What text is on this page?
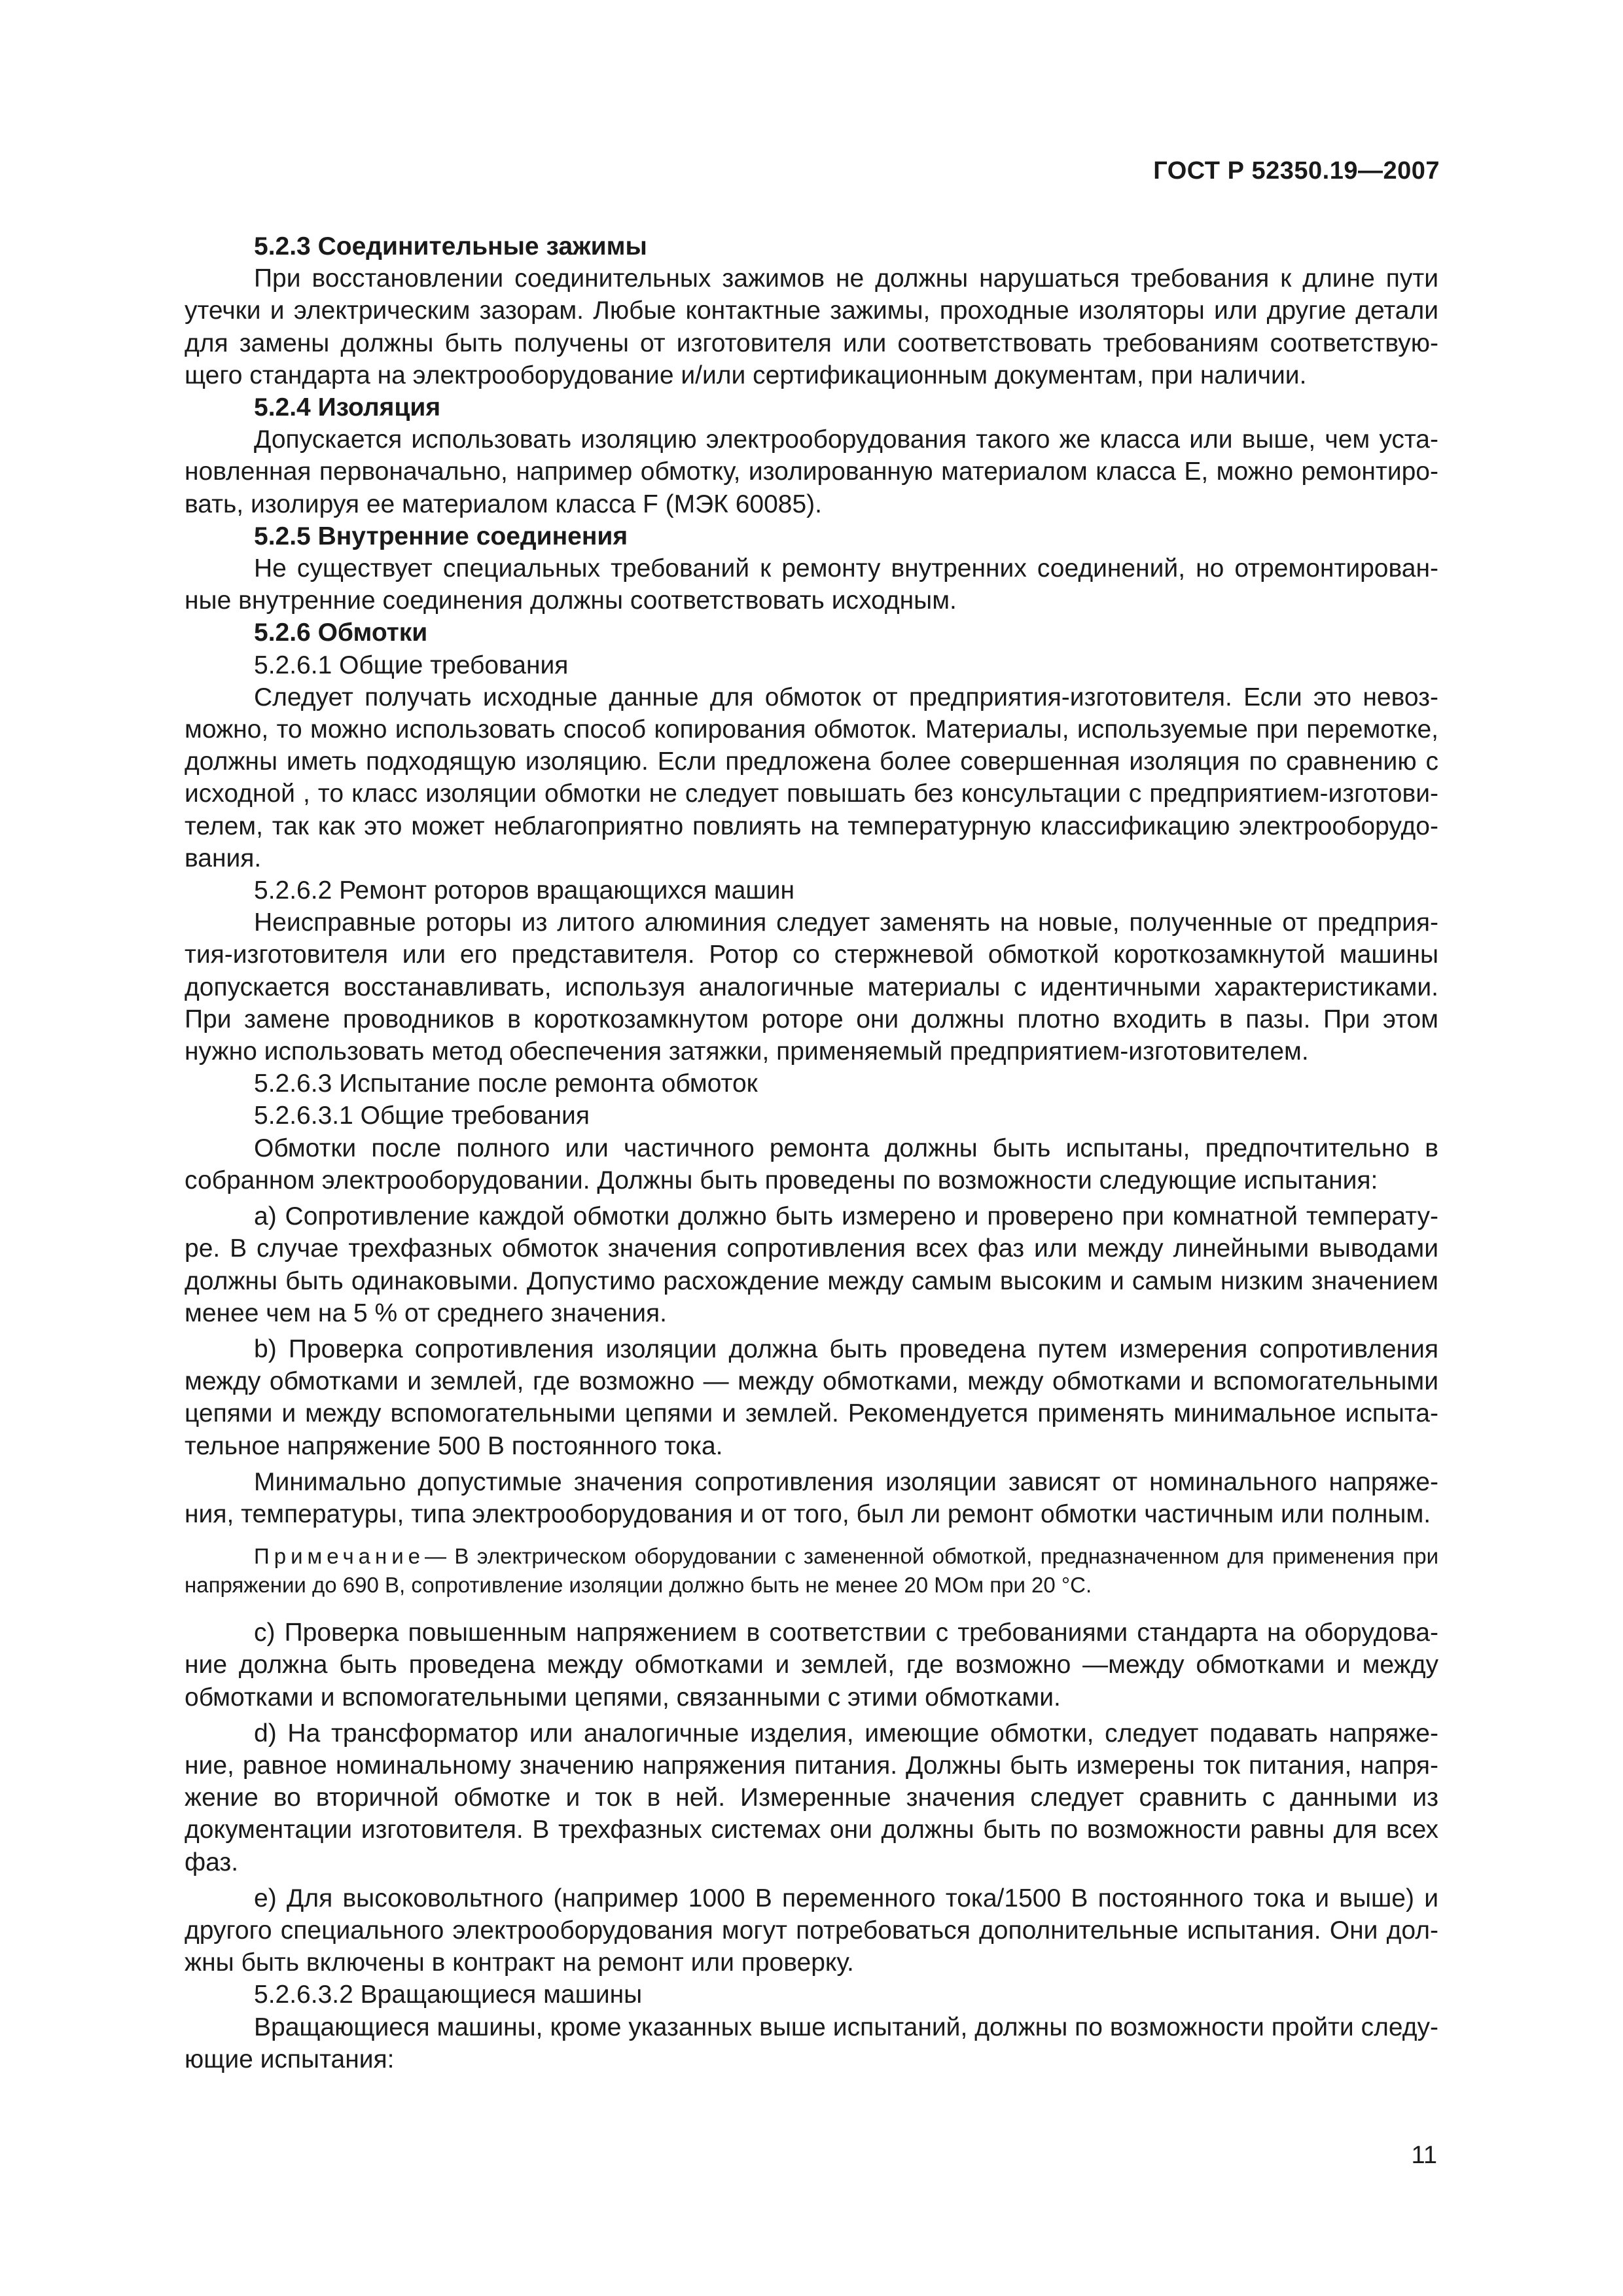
ГОСТ Р 52350.19—2007

5.2.3 Соединительные зажимы

При восстановлении соединительных зажимов не должны нарушаться требования к длине пути утечки и электрическим зазорам. Любые контактные зажимы, проходные изоляторы или другие детали для замены должны быть получены от изготовителя или соответствовать требованиям соответствующего стандарта на электрооборудование и/или сертификационным документам, при наличии.

5.2.4 Изоляция

Допускается использовать изоляцию электрооборудования такого же класса или выше, чем установленная первоначально, например обмотку, изолированную материалом класса Е, можно ремонтировать, изолируя ее материалом класса F (МЭК 60085).

5.2.5 Внутренние соединения

Не существует специальных требований к ремонту внутренних соединений, но отремонтированные внутренние соединения должны соответствовать исходным.

5.2.6 Обмотки

5.2.6.1 Общие требования

Следует получать исходные данные для обмоток от предприятия-изготовителя. Если это невозможно, то можно использовать способ копирования обмоток. Материалы, используемые при перемотке, должны иметь подходящую изоляцию. Если предложена более совершенная изоляция по сравнению с исходной , то класс изоляции обмотки не следует повышать без консультации с предприятием-изготовителем, так как это может неблагоприятно повлиять на температурную классификацию электрооборудования.

5.2.6.2 Ремонт роторов вращающихся машин

Неисправные роторы из литого алюминия следует заменять на новые, полученные от предприятия-изготовителя или его представителя. Ротор со стержневой обмоткой короткозамкнутой машины допускается восстанавливать, используя аналогичные материалы с идентичными характеристиками. При замене проводников в короткозамкнутом роторе они должны плотно входить в пазы. При этом нужно использовать метод обеспечения затяжки, применяемый предприятием-изготовителем.

5.2.6.3 Испытание после ремонта обмоток

5.2.6.3.1 Общие требования

Обмотки после полного или частичного ремонта должны быть испытаны, предпочтительно в собранном электрооборудовании. Должны быть проведены по возможности следующие испытания:

a) Сопротивление каждой обмотки должно быть измерено и проверено при комнатной температуре. В случае трехфазных обмоток значения сопротивления всех фаз или между линейными выводами должны быть одинаковыми. Допустимо расхождение между самым высоким и самым низким значением менее чем на 5 % от среднего значения.

b) Проверка сопротивления изоляции должна быть проведена путем измерения сопротивления между обмотками и землей, где возможно — между обмотками, между обмотками и вспомогательными цепями и между вспомогательными цепями и землей. Рекомендуется применять минимальное испытательное напряжение 500 В постоянного тока.

Минимально допустимые значения сопротивления изоляции зависят от номинального напряжения, температуры, типа электрооборудования и от того, был ли ремонт обмотки частичным или полным.

Примечание— В электрическом оборудовании с замененной обмоткой, предназначенном для применения при напряжении до 690 В, сопротивление изоляции должно быть не менее 20 МОм при 20 °С.

c) Проверка повышенным напряжением в соответствии с требованиями стандарта на оборудование должна быть проведена между обмотками и землей, где возможно —между обмотками и между обмотками и вспомогательными цепями, связанными с этими обмотками.

d) На трансформатор или аналогичные изделия, имеющие обмотки, следует подавать напряжение, равное номинальному значению напряжения питания. Должны быть измерены ток питания, напряжение во вторичной обмотке и ток в ней. Измеренные значения следует сравнить с данными из документации изготовителя. В трехфазных системах они должны быть по возможности равны для всех фаз.

e) Для высоковольтного (например 1000 В переменного тока/1500 В постоянного тока и выше) и другого специального электрооборудования могут потребоваться дополнительные испытания. Они должны быть включены в контракт на ремонт или проверку.

5.2.6.3.2 Вращающиеся машины

Вращающиеся машины, кроме указанных выше испытаний, должны по возможности пройти следующие испытания:

11
